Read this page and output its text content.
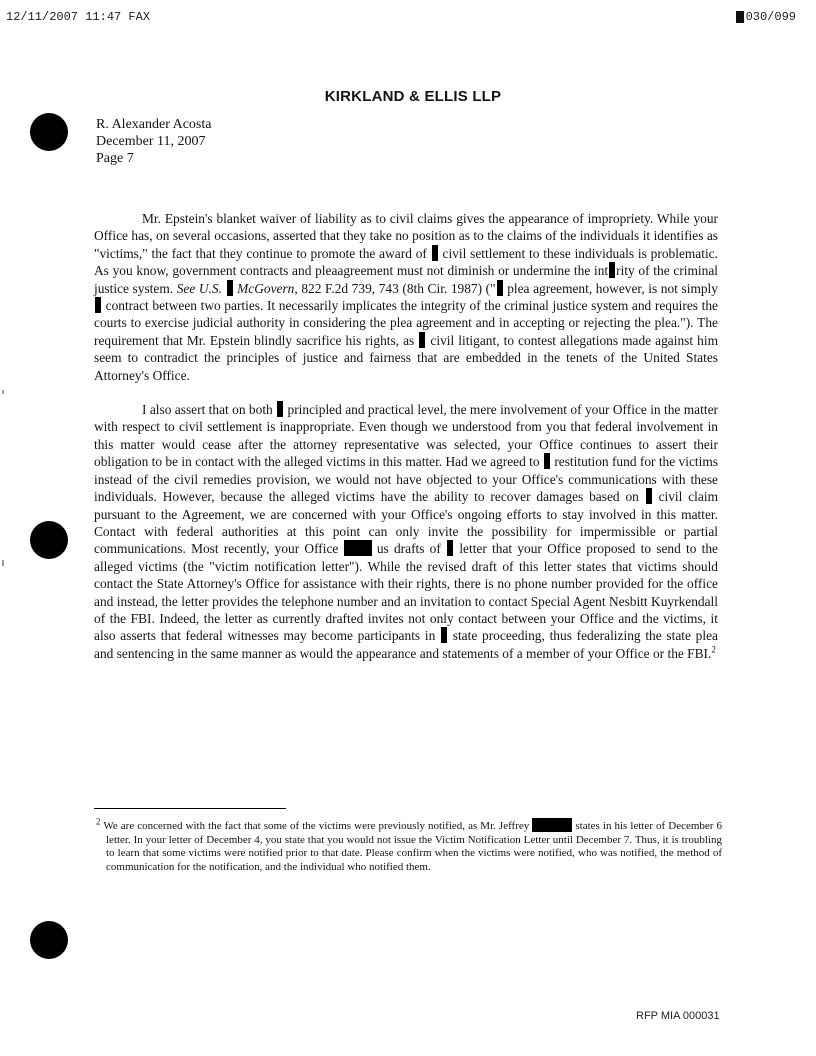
12/11/2007 11:47 FAX	030/099
KIRKLAND & ELLIS LLP
R. Alexander Acosta
December 11, 2007
Page 7

Mr. Epstein's blanket waiver of liability as to civil claims gives the appearance of impropriety. While your Office has, on several occasions, asserted that they take no position as to the claims of the individuals it identifies as "victims," the fact that they continue to promote the award of civil settlement to these individuals is problematic. As you know, government contracts and pleaagreement must not diminish or undermine the int rity of the criminal justice system. See U.S. McGovern, 822 F.2d 739, 743 (8th Cir. 1987) (" plea agreement, however, is not simply  contract between two parties. It necessarily implicates the integrity of the criminal justice system and requires the courts to exercise judicial authority in considering the plea agreement and in accepting or rejecting the plea."). The requirement that Mr. Epstein blindly sacrifice his rights, as civil litigant, to contest allegations made against him seem to contradict the principles of justice and fairness that are embedded in the tenets of the United States Attorney's Office.

I also assert that on both principled and practical level, the mere involvement of your Office in the matter with respect to civil settlement is inappropriate. Even though we understood from you that federal involvement in this matter would cease after the attorney representative was selected, your Office continues to assert their obligation to be in contact with the alleged victims in this matter. Had we agreed to restitution fund for the victims instead of the civil remedies provision, we would not have objected to your Office's communications with these individuals. However, because the alleged victims have the ability to recover damages based on civil claim pursuant to the Agreement, we are concerned with your Office's ongoing efforts to stay involved in this matter. Contact with federal authorities at this point can only invite the possibility for impermissible or partial communications. Most recently, your Office	us drafts of letter that your Office proposed to send to the alleged victims (the "victim notification letter"). While the revised draft of this letter states that victims should contact the State Attorney's Office for assistance with their rights, there is no phone number provided for the office and instead, the letter provides the telephone number and an invitation to contact Special Agent Nesbitt Kuyrkendall of the FBI. Indeed, the letter as currently drafted invites not only contact between your Office and the victims, it also asserts that federal witnesses may become participants in state proceeding, thus federalizing the state plea and sentencing in the same manner as would the appearance and statements of a member of your Office or the FBI.$^2$

$^2$ We are concerned with the fact that some of the victims were previously notified, as Mr. Jeffrey	states in his letter of December 6 letter. In your letter of December 4, you state that you would not issue the Victim Notification Letter until December 7. Thus, it is troubling to learn that some victims were notified prior to that date. Please confirm when the victims were notified, who was notified, the method of communication for the notification, and the individual who notified them.
RFP MIA 000031
